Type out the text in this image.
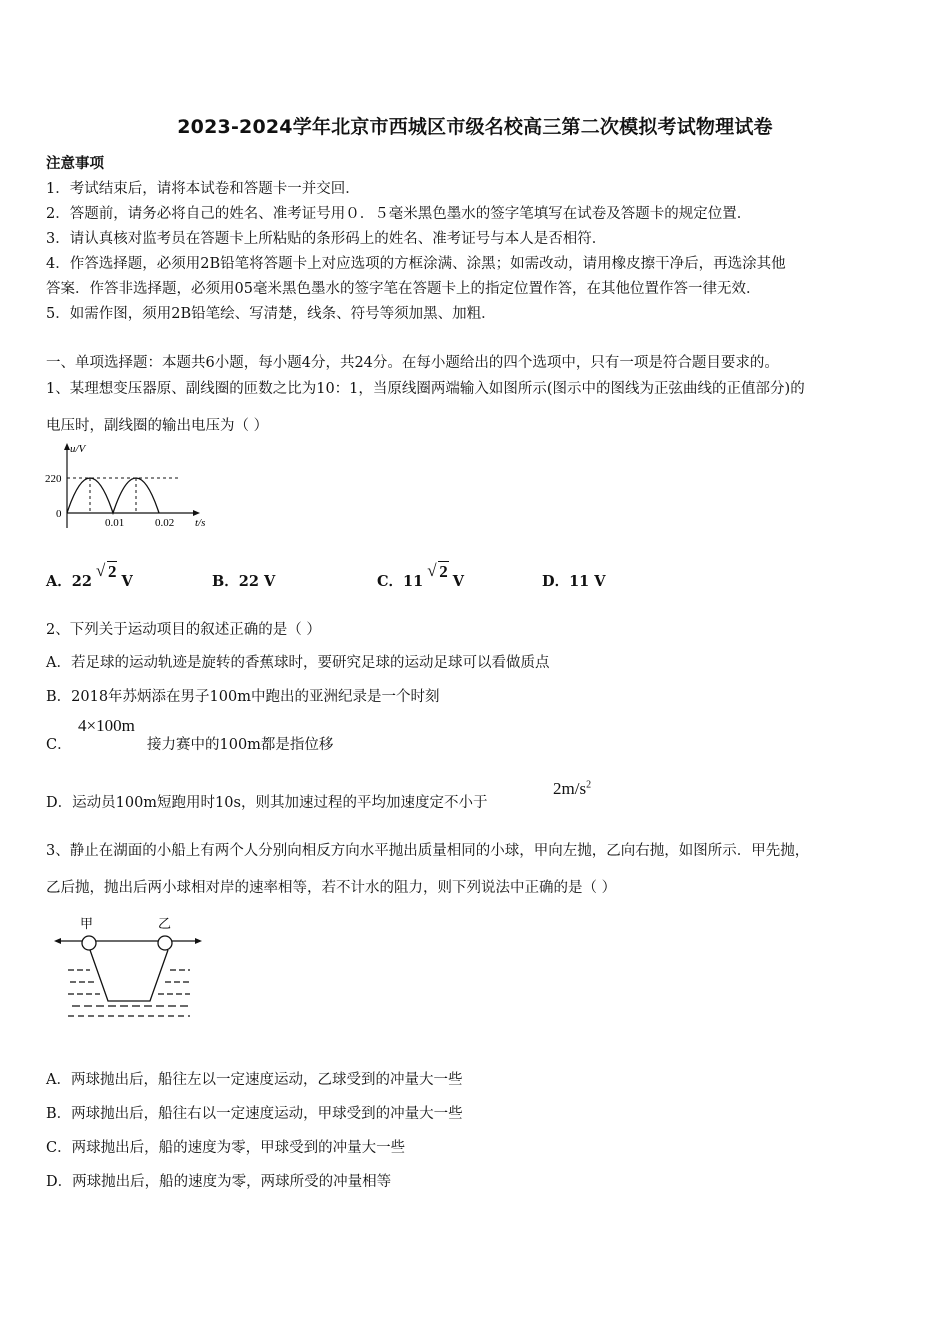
2023-2024学年北京市西城区市级名校高三第二次模拟考试物理试卷
注意事项
1．考试结束后，请将本试卷和答题卡一并交回．
2．答题前，请务必将自己的姓名、准考证号用０．５毫米黑色墨水的签字笔填写在试卷及答题卡的规定位置．
3．请认真核对监考员在答题卡上所粘贴的条形码上的姓名、准考证号与本人是否相符．
4．作答选择题，必须用2B铅笔将答题卡上对应选项的方框涂满、涂黑；如需改动，请用橡皮擦干净后，再选涂其他
答案．作答非选择题，必须用05毫米黑色墨水的签字笔在答题卡上的指定位置作答，在其他位置作答一律无效．
5．如需作图，须用2B铅笔绘、写清楚，线条、符号等须加黑、加粗．
一、单项选择题：本题共6小题，每小题4分，共24分。在每小题给出的四个选项中，只有一项是符合题目要求的。
1、某理想变压器原、副线圈的匝数之比为10：1，当原线圈两端输入如图所示(图示中的图线为正弦曲线的正值部分)的
电压时，副线圈的输出电压为（ ）
u/V
220
0
0.01	0.02 t/s
A．22√ 2V	B．22 V	C．11√ 2V	D．11 V
2、下列关于运动项目的叙述正确的是（ ）
A．若足球的运动轨迹是旋转的香蕉球时，要研究足球的运动足球可以看做质点
B．2018年苏炳添在男子100m中跑出的亚洲纪录是一个时刻
C．
4×100m
接力赛中的100m都是指位移
D．运动员100m短跑用时10s，则其加速过程的平均加速度定不小于
$2m/s^2$
3、静止在湖面的小船上有两个人分别向相反方向水平抛出质量相同的小球，甲向左抛，乙向右抛，如图所示．甲先抛，
乙后抛，抛出后两小球相对岸的速率相等，若不计水的阻力，则下列说法中正确的是（ ）
甲	乙
A．两球抛出后，船往左以一定速度运动，乙球受到的冲量大一些
B．两球抛出后，船往右以一定速度运动，甲球受到的冲量大一些
C．两球抛出后，船的速度为零，甲球受到的冲量大一些
D．两球抛出后，船的速度为零，两球所受的冲量相等
